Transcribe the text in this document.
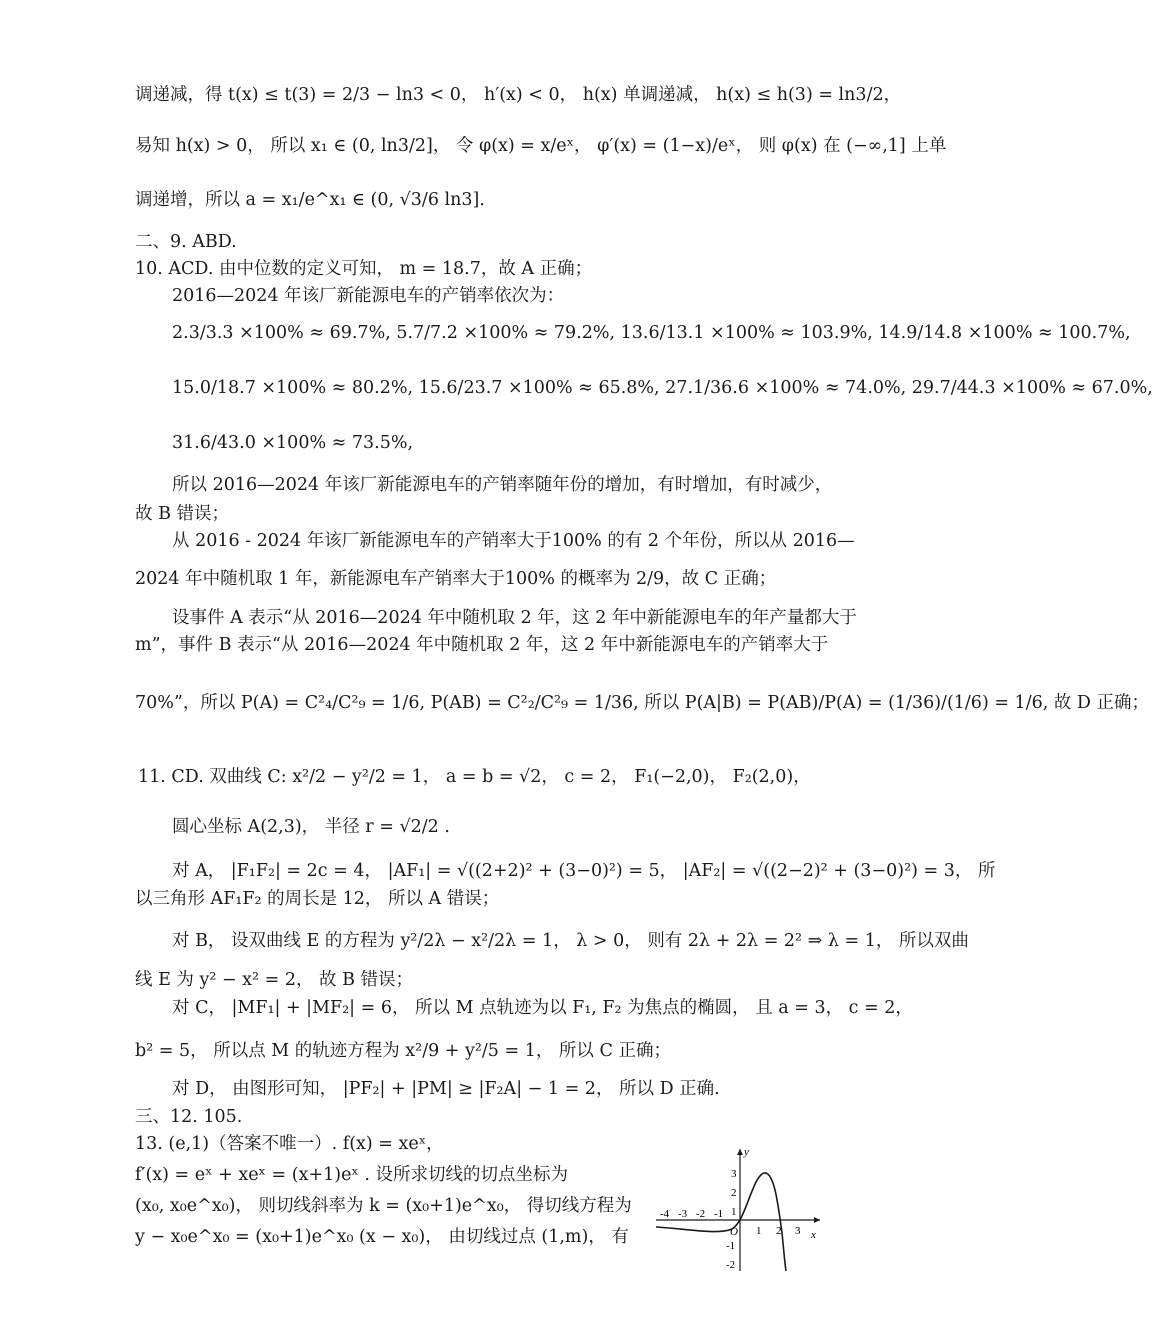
调递减，得 t(x) ≤ t(3) = 2/3 − ln3 < 0， h′(x) < 0， h(x) 单调递减， h(x) ≤ h(3) = ln3/2，
易知 h(x) > 0， 所以 x₁ ∈ (0, ln3/2]， 令 φ(x) = x/eˣ， φ′(x) = (1−x)/eˣ， 则 φ(x) 在 (−∞,1] 上单
调递增，所以 a = x₁/e^x₁ ∈ (0, √3/6 ln3]．
二、9. ABD.
10. ACD. 由中位数的定义可知， m = 18.7，故 A 正确；
2016—2024 年该厂新能源电车的产销率依次为：
2.3/3.3 ×100% ≈ 69.7%, 5.7/7.2 ×100% ≈ 79.2%, 13.6/13.1 ×100% ≈ 103.9%, 14.9/14.8 ×100% ≈ 100.7%,
15.0/18.7 ×100% ≈ 80.2%, 15.6/23.7 ×100% ≈ 65.8%, 27.1/36.6 ×100% ≈ 74.0%, 29.7/44.3 ×100% ≈ 67.0%,
31.6/43.0 ×100% ≈ 73.5%,
所以 2016—2024 年该厂新能源电车的产销率随年份的增加，有时增加，有时减少，
故 B 错误；
从 2016 - 2024 年该厂新能源电车的产销率大于100% 的有 2 个年份，所以从 2016—
2024 年中随机取 1 年，新能源电车产销率大于100% 的概率为 2/9，故 C 正确；
设事件 A 表示“从 2016—2024 年中随机取 2 年，这 2 年中新能源电车的年产量都大于
m”，事件 B 表示“从 2016—2024 年中随机取 2 年，这 2 年中新能源电车的产销率大于
70%”，所以 P(A) = C²₄/C²₉ = 1/6, P(AB) = C²₂/C²₉ = 1/36, 所以 P(A|B) = P(AB)/P(A) = (1/36)/(1/6) = 1/6, 故 D 正确；
11. CD. 双曲线 C: x²/2 − y²/2 = 1， a = b = √2， c = 2， F₁(−2,0)， F₂(2,0)，
圆心坐标 A(2,3)， 半径 r = √2/2 .
对 A， |F₁F₂| = 2c = 4， |AF₁| = √((2+2)² + (3−0)²) = 5， |AF₂| = √((2−2)² + (3−0)²) = 3， 所
以三角形 AF₁F₂ 的周长是 12， 所以 A 错误；
对 B， 设双曲线 E 的方程为 y²/2λ − x²/2λ = 1， λ > 0， 则有 2λ + 2λ = 2² ⇒ λ = 1， 所以双曲
线 E 为 y² − x² = 2， 故 B 错误；
对 C， |MF₁| + |MF₂| = 6， 所以 M 点轨迹为以 F₁, F₂ 为焦点的椭圆， 且 a = 3， c = 2，
b² = 5， 所以点 M 的轨迹方程为 x²/9 + y²/5 = 1， 所以 C 正确；
对 D， 由图形可知， |PF₂| + |PM| ≥ |F₂A| − 1 = 2， 所以 D 正确.
三、12. 105.
13. (e,1)（答案不唯一）. f(x) = xeˣ，
f′(x) = eˣ + xeˣ = (x+1)eˣ . 设所求切线的切点坐标为
(x₀, x₀e^x₀)， 则切线斜率为 k = (x₀+1)e^x₀， 得切线方程为
y − x₀e^x₀ = (x₀+1)e^x₀ (x − x₀)， 由切线过点 (1,m)， 有
y
x
O
-4 -3 -2 -1
1 2 3
3
2
1
-1
-2
